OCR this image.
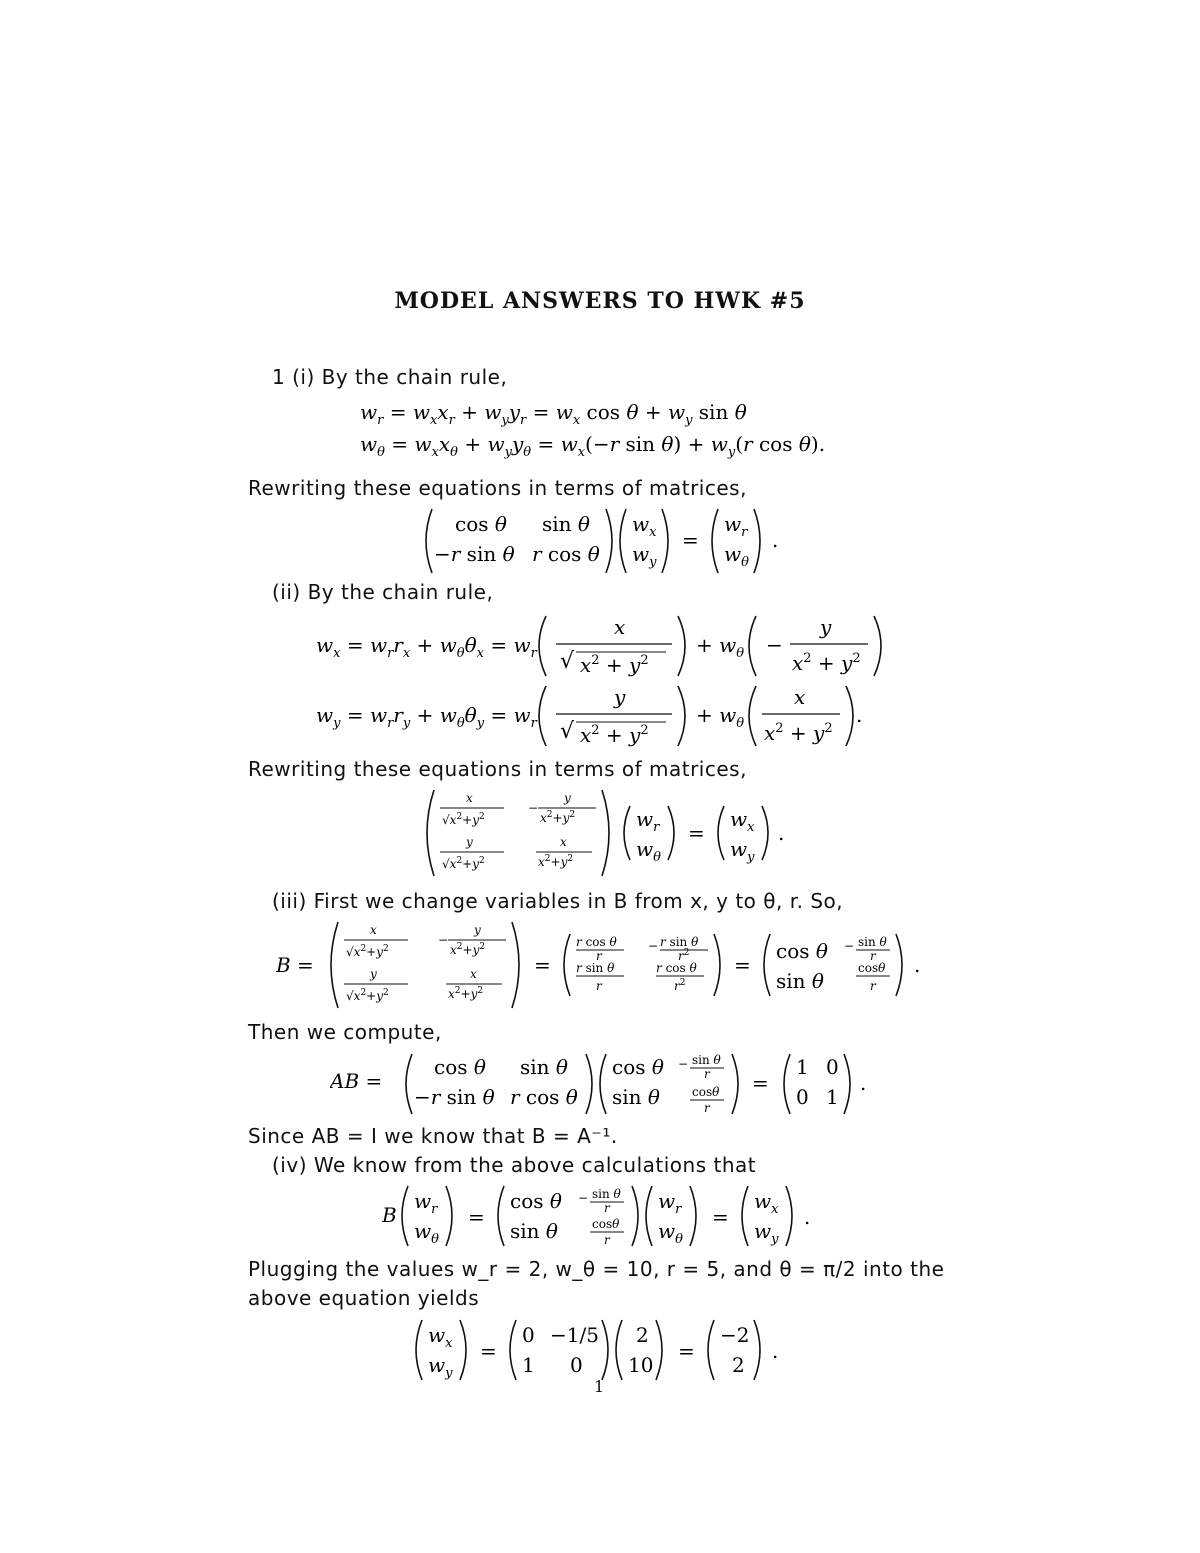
MODEL ANSWERS TO HWK #5
1 (i) By the chain rule,
$w_r = w_xx_r + w_yy_r = w_x$ $\cos \theta + w_y$ sin θ
$w_\theta = w_xx_\theta + w_yy_\theta = w_x(-r$ $\sin \theta) + w_y(r$ cos θ).
Rewriting these equations in terms of matrices,
cos θ sin θ
−r sin θ r cos θ
$w_x$
$w_y$
=
$w_r$
$w_\theta$
.
(ii) By the chain rule,
$w_x = w_rr_x + w_\theta\theta_x = w_r$
x
√ $x^2 + y^2$
+ $w_\theta$ −
y
$x^2 + y^2$
$w_y = w_rr_y + w_\theta\theta_y = w_r$
y
√ $x^2 + y^2$
+ $w_\theta$
x
$x^2 + y^2$
.
Rewriting these equations in terms of matrices,
x
$√x^2+y^2$
y
$√x^2+y^2$
−
y
$x^2+y^2$
x
$x^2+y^2$
$w_r$
$w_\theta$
=
$w_x$
$w_y$
.
(iii) First we change variables in B from x, y to θ, r. So,
B =
x
$√x^2+y^2$
y
$√x^2+y^2$
−
y
$x^2+y^2$
x
$x^2+y^2$
=
r cos θ
r
r sin θ
r
− r sin θ
$r^2$
r cos θ
$r^2$
=
cos θ
sin θ
− sin θ
r
cosθ
r
.
Then we compute,
AB =
cos θ sin θ
−r sin θ r cos θ
cos θ
sin θ
− sin θ
r
cosθ
r
=
1 0
0 1
.
Since AB = I we know that B = A⁻¹.
(iv) We know from the above calculations that
B
$w_r$
$w_\theta$
=
cos θ
sin θ
− sin θ
r
cosθ
r
$w_r$
$w_\theta$
=
$w_x$
$w_y$
.
Plugging the values w_r = 2, w_θ = 10, r = 5, and θ = π/2 into the
above equation yields
$w_x$
$w_y$
=
0 −1/5
1 0
2
10
=
−2
2
.
1
